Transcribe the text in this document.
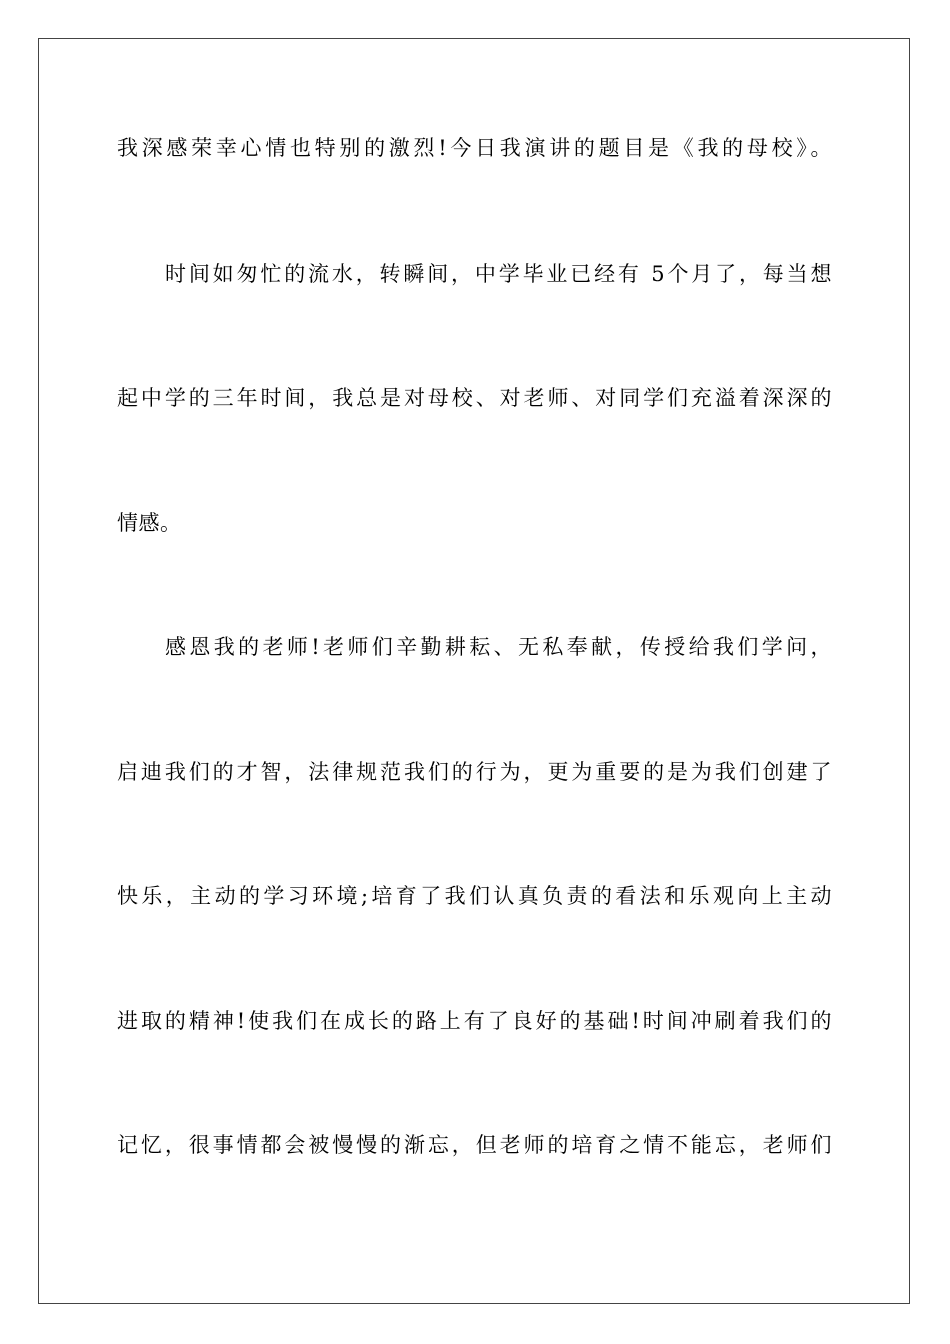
我深感荣幸心情也特别的激烈!今日我演讲的题目是《我的母校》。
时间如匆忙的流水，转瞬间，中学毕业已经有 5个月了，每当想
起中学的三年时间，我总是对母校、对老师、对同学们充溢着深深的
情感。
感恩我的老师!老师们辛勤耕耘、无私奉献，传授给我们学问，
启迪我们的才智，法律规范我们的行为，更为重要的是为我们创建了
快乐，主动的学习环境;培育了我们认真负责的看法和乐观向上主动
进取的精神!使我们在成长的路上有了良好的基础!时间冲刷着我们的
记忆，很事情都会被慢慢的渐忘，但老师的培育之情不能忘，老师们
